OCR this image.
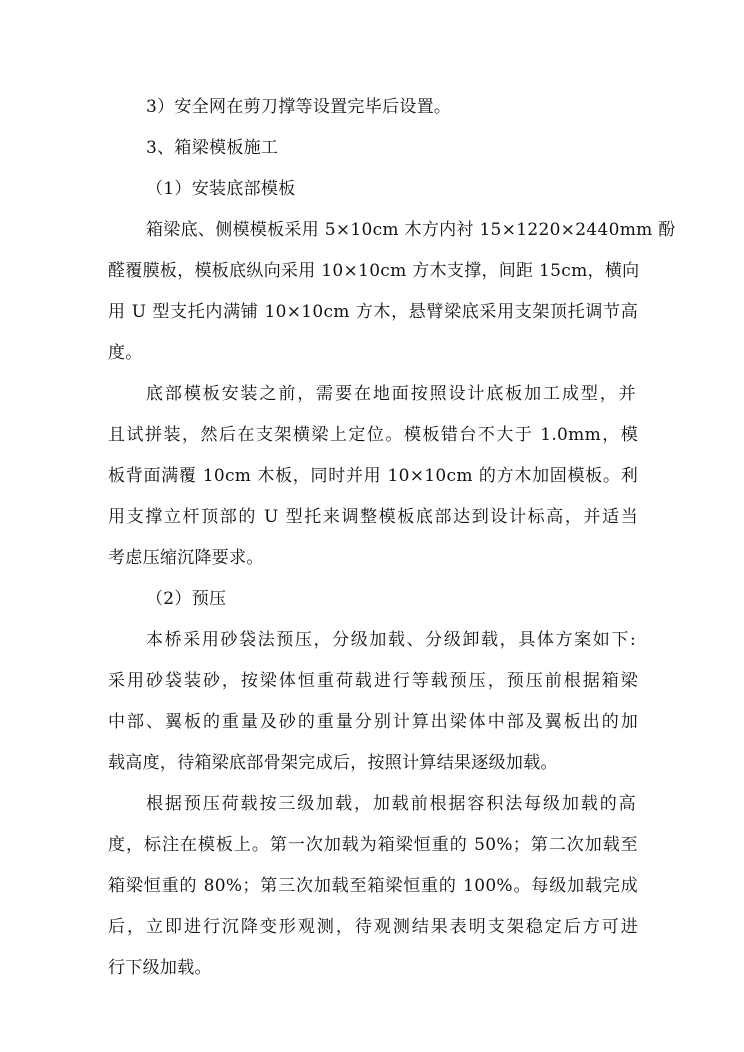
3）安全网在剪刀撑等设置完毕后设置。
3、箱梁模板施工
（1）安装底部模板
箱梁底、侧模模板采用 5×10cm 木方内衬 15×1220×2440mm 酚
醛覆膜板，模板底纵向采用 10×10cm 方木支撑，间距 15cm，横向
用 U 型支托内满铺 10×10cm 方木，悬臂梁底采用支架顶托调节高
度。
底部模板安装之前，需要在地面按照设计底板加工成型，并
且试拼装，然后在支架横梁上定位。模板错台不大于 1.0mm，模
板背面满覆 10cm 木板，同时并用 10×10cm 的方木加固模板。利
用支撑立杆顶部的 U 型托来调整模板底部达到设计标高，并适当
考虑压缩沉降要求。
（2）预压
本桥采用砂袋法预压，分级加载、分级卸载，具体方案如下:
采用砂袋装砂，按梁体恒重荷载进行等载预压，预压前根据箱梁
中部、翼板的重量及砂的重量分别计算出梁体中部及翼板出的加
载高度，待箱梁底部骨架完成后，按照计算结果逐级加载。
根据预压荷载按三级加载，加载前根据容积法每级加载的高
度，标注在模板上。第一次加载为箱梁恒重的 50%；第二次加载至
箱梁恒重的 80%；第三次加载至箱梁恒重的 100%。每级加载完成
后，立即进行沉降变形观测，待观测结果表明支架稳定后方可进
行下级加载。
